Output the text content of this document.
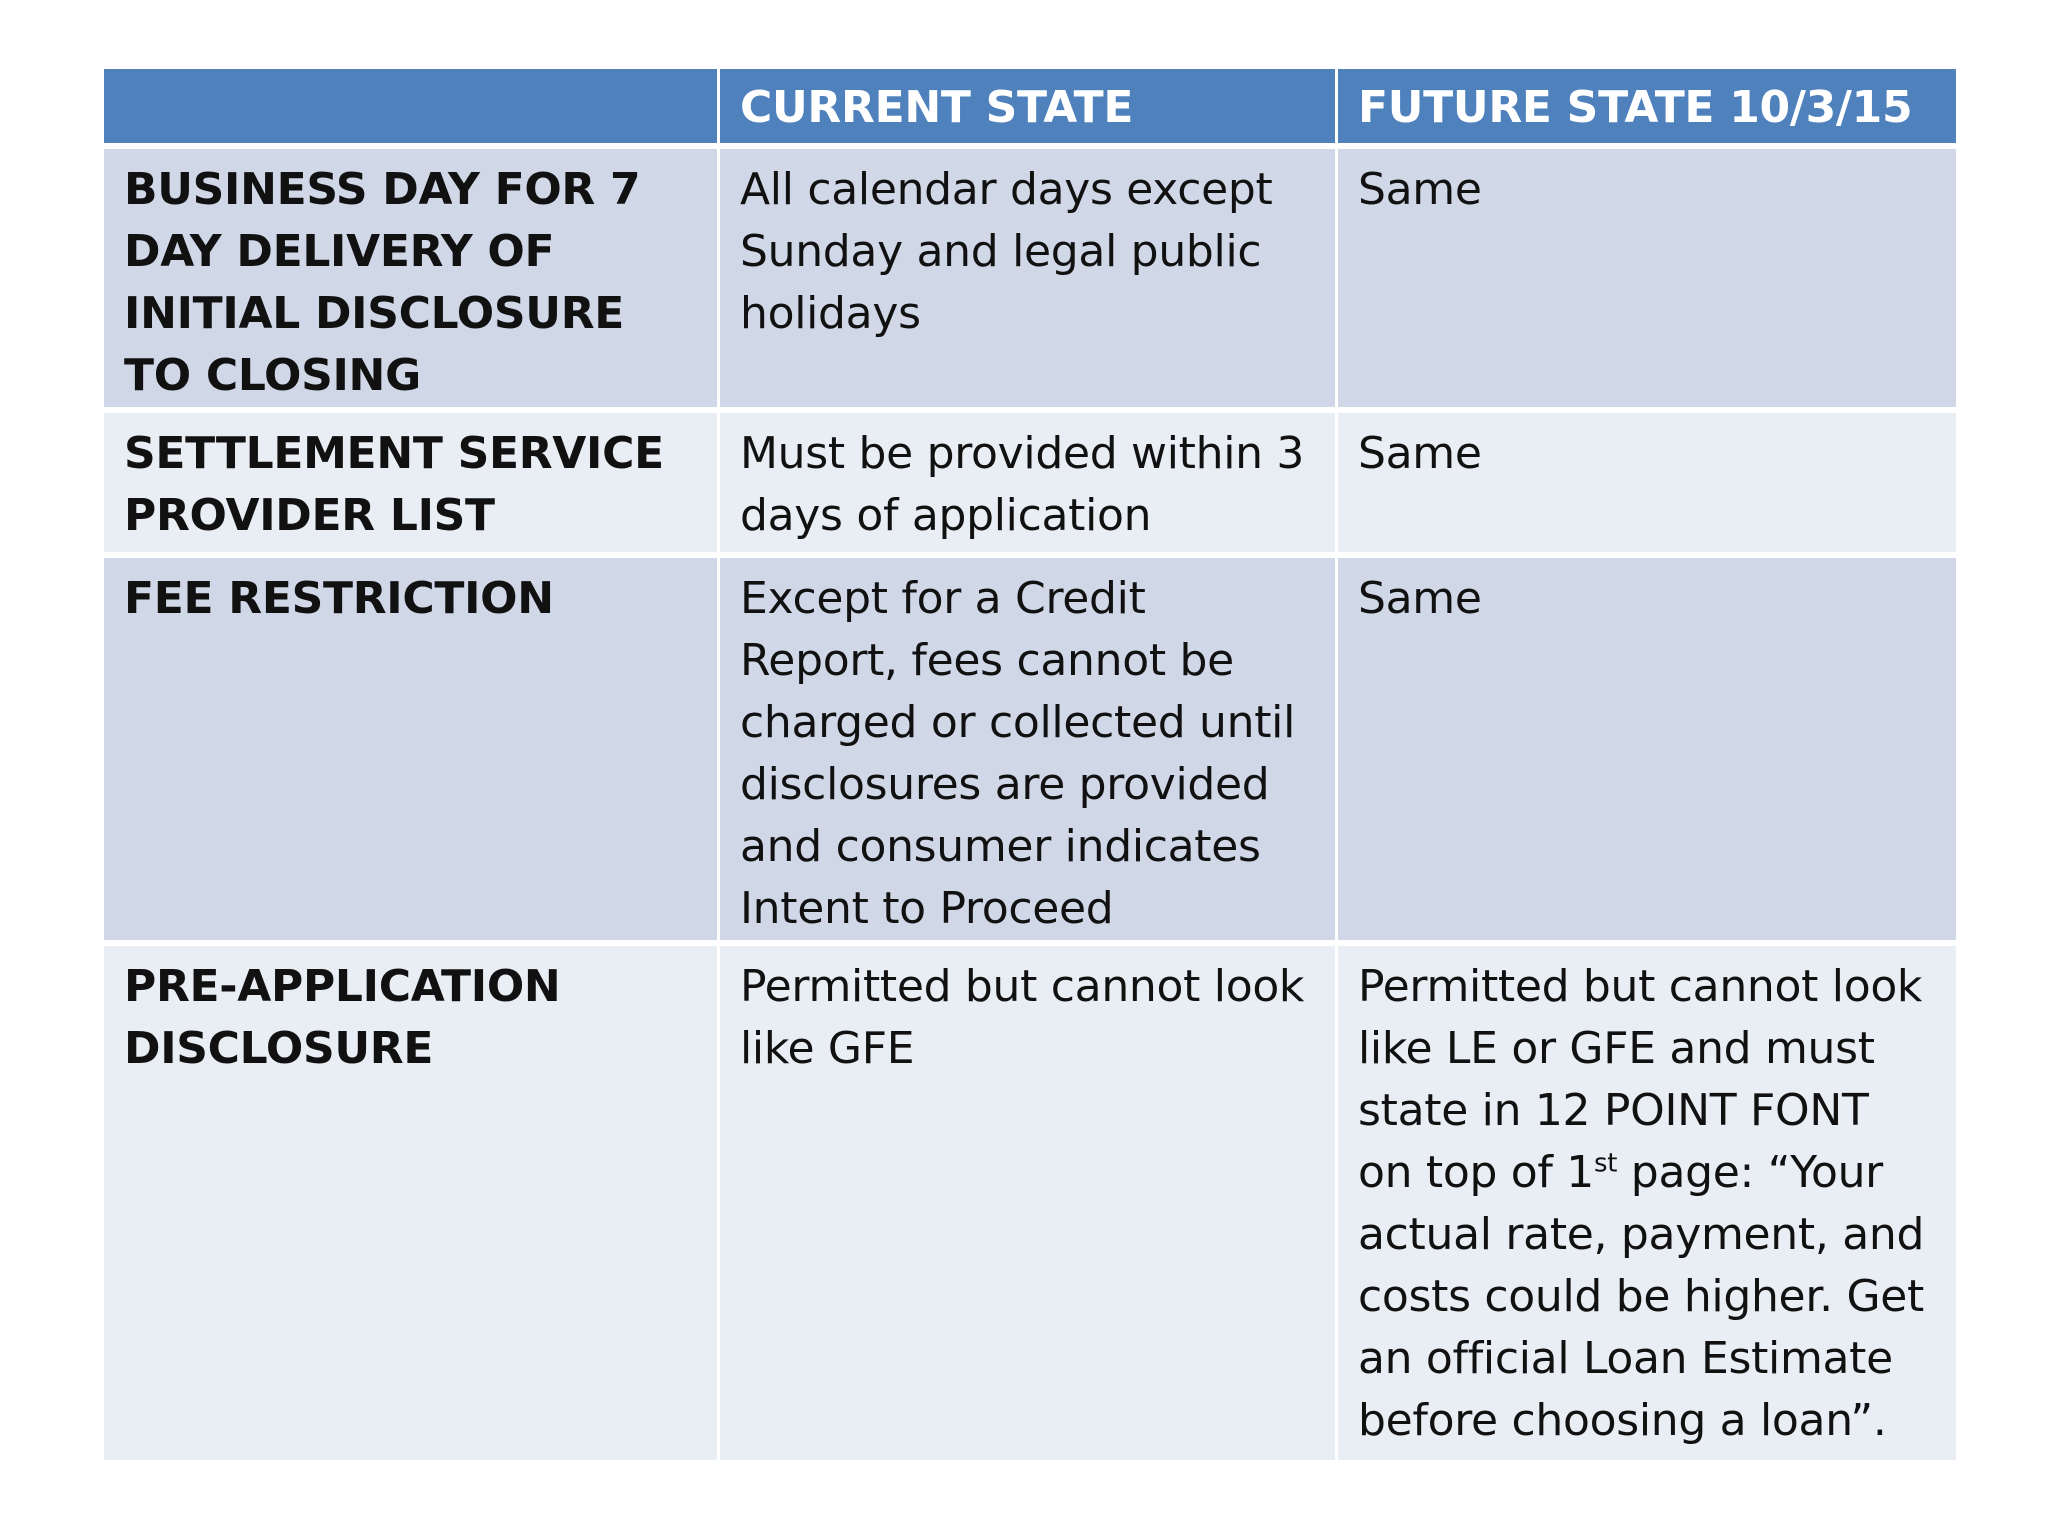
	CURRENT STATE	FUTURE STATE 10/3/15
BUSINESS DAY FOR 7 DAY DELIVERY OF INITIAL DISCLOSURE TO CLOSING	All calendar days except Sunday and legal public holidays	Same
SETTLEMENT SERVICE PROVIDER LIST	Must be provided within 3 days of application	Same
FEE RESTRICTION	Except for a Credit Report, fees cannot be charged or collected until disclosures are provided and consumer indicates Intent to Proceed	Same
PRE-APPLICATION DISCLOSURE	Permitted but cannot look like GFE	Permitted but cannot look like LE or GFE and must state in 12 POINT FONT on top of 1st page: “Your actual rate, payment, and costs could be higher. Get an official Loan Estimate before choosing a loan”.
